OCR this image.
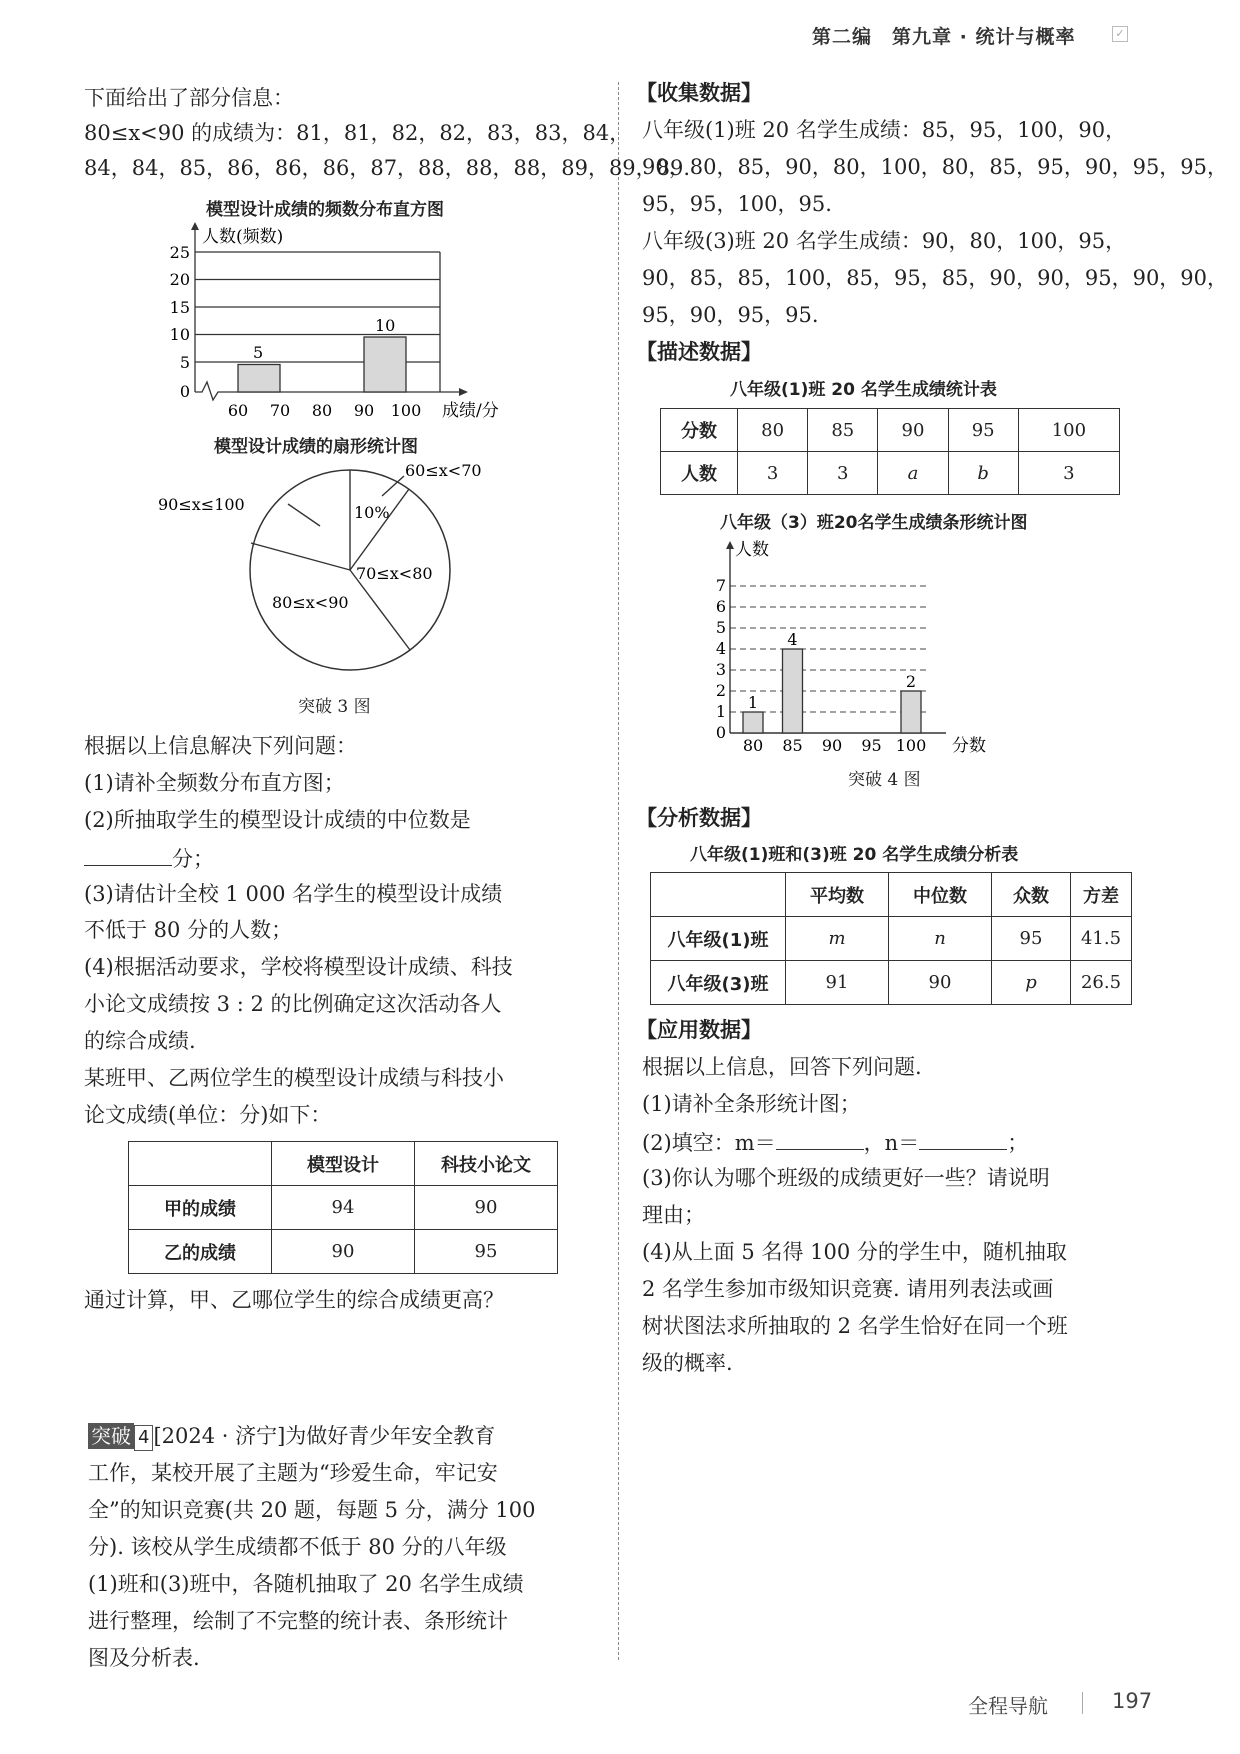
第二编　第九章 · 统计与概率	✓
下面给出了部分信息：
80≤x<90 的成绩为：81，81，82，82，83，83，84，
84，84，85，86，86，86，87，88，88，88，89，89，89.
模型设计成绩的频数分布直方图
5
10
0
5
10
15
20
25
60 70 80 90 100
人数(频数)
成绩/分
模型设计成绩的扇形统计图
60≤x<70
10%
70≤x<80
80≤x<90
90≤x≤100
突破 3 图
根据以上信息解决下列问题：
(1)请补全频数分布直方图；
(2)所抽取学生的模型设计成绩的中位数是
分；
(3)请估计全校 1 000 名学生的模型设计成绩
不低于 80 分的人数；
(4)根据活动要求，学校将模型设计成绩、科技
小论文成绩按 3 : 2 的比例确定这次活动各人
的综合成绩.
某班甲、乙两位学生的模型设计成绩与科技小
论文成绩(单位：分)如下：
	模型设计	科技小论文
甲的成绩	94	90
乙的成绩	90	95
通过计算，甲、乙哪位学生的综合成绩更高？
突破 4 [2024 · 济宁]为做好青少年安全教育
工作，某校开展了主题为“珍爱生命，牢记安
全”的知识竞赛(共 20 题，每题 5 分，满分 100
分). 该校从学生成绩都不低于 80 分的八年级
(1)班和(3)班中，各随机抽取了 20 名学生成绩
进行整理，绘制了不完整的统计表、条形统计
图及分析表.
【收集数据】
八年级(1)班 20 名学生成绩：85，95，100，90，
90，80，85，90，80，100，80，85，95，90，95，95，
95，95，100，95.
八年级(3)班 20 名学生成绩：90，80，100，95，
90，85，85，100，85，95，85，90，90，95，90，90，
95，90，95，95.
【描述数据】
八年级(1)班 20 名学生成绩统计表
分数	80	85	90	95	100
人数	3	3	a	b	3
八年级（3）班20名学生成绩条形统计图
1
4
2
0
1
2
3
4
5
6
7
80 85 90 95 100
人数
分数
突破 4 图
【分析数据】
八年级(1)班和(3)班 20 名学生成绩分析表
	平均数	中位数	众数	方差
八年级(1)班	m	n	95	41.5
八年级(3)班	91	90	p	26.5
【应用数据】
根据以上信息，回答下列问题.
(1)请补全条形统计图；
(2)填空：m＝	，n＝	；
(3)你认为哪个班级的成绩更好一些？请说明
理由；
(4)从上面 5 名得 100 分的学生中，随机抽取
2 名学生参加市级知识竞赛. 请用列表法或画
树状图法求所抽取的 2 名学生恰好在同一个班
级的概率.
全程导航	197
